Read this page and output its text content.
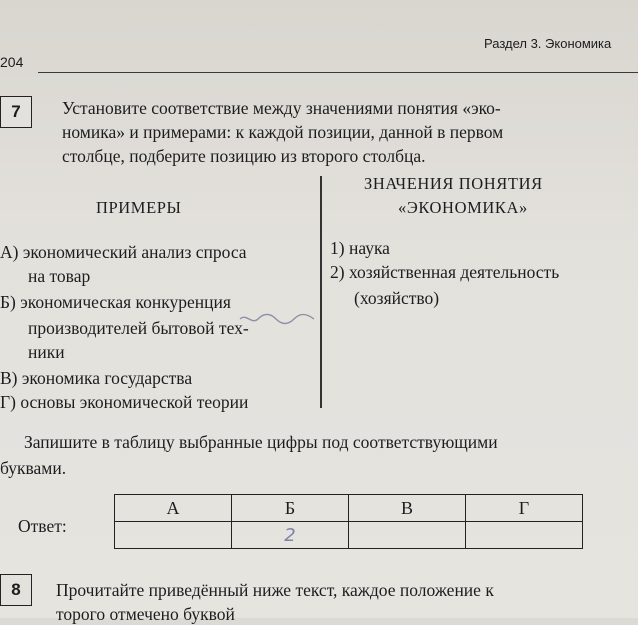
Раздел 3. Экономика
204
7	Установите соответствие между значениями понятия «эко-
номика» и примерами: к каждой позиции, данной в первом
столбце, подберите позицию из второго столбца.
ПРИМЕРЫ
ЗНАЧЕНИЯ ПОНЯТИЯ
«ЭКОНОМИКА»
А) экономический анализ спроса
на товар
Б) экономическая конкуренция
производителей бытовой тех-
ники
В) экономика государства
Г) основы экономической теории
1) наука
2) хозяйственная деятельность
(хозяйство)
Запишите в таблицу выбранные цифры под соответствующими
буквами.
Ответ:
А	Б	В	Г
	2		
8	Прочитайте приведённый ниже текст, каждое положение к
торого отмечено буквой
